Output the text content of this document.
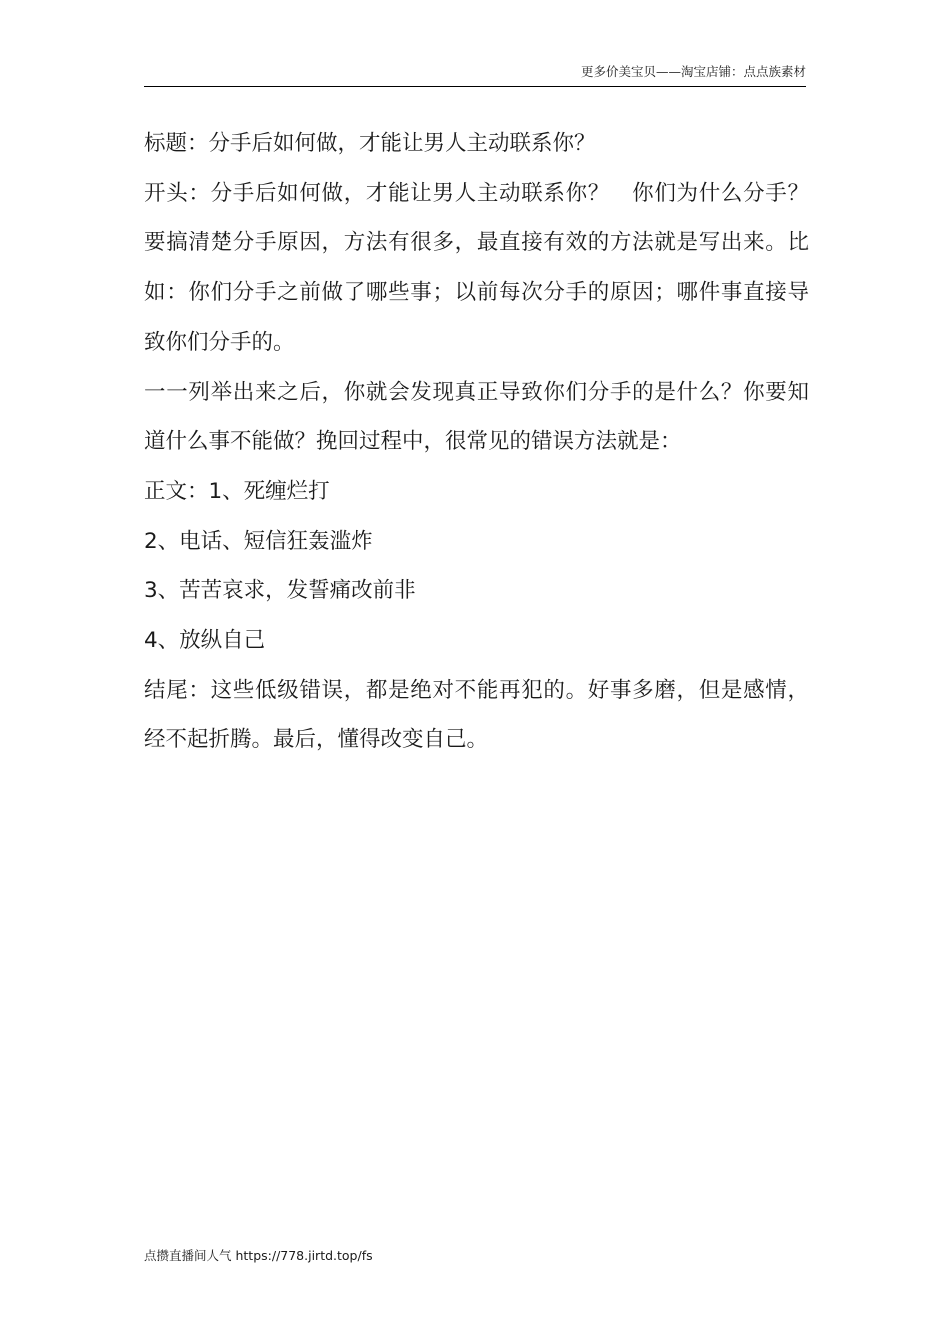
更多价美宝贝——淘宝店铺：点点族素材

标题：分手后如何做，才能让男人主动联系你？

开头：分手后如何做，才能让男人主动联系你？　你们为什么分手？要搞清楚分手原因，方法有很多，最直接有效的方法就是写出来。比如：你们分手之前做了哪些事；以前每次分手的原因；哪件事直接导致你们分手的。

一一列举出来之后，你就会发现真正导致你们分手的是什么？你要知道什么事不能做？挽回过程中，很常见的错误方法就是：

正文：1、死缠烂打

2、电话、短信狂轰滥炸

3、苦苦哀求，发誓痛改前非

4、放纵自己

结尾：这些低级错误，都是绝对不能再犯的。好事多磨，但是感情，经不起折腾。最后，懂得改变自己。

点攒直播间人气 https://778.jirtd.top/fs
